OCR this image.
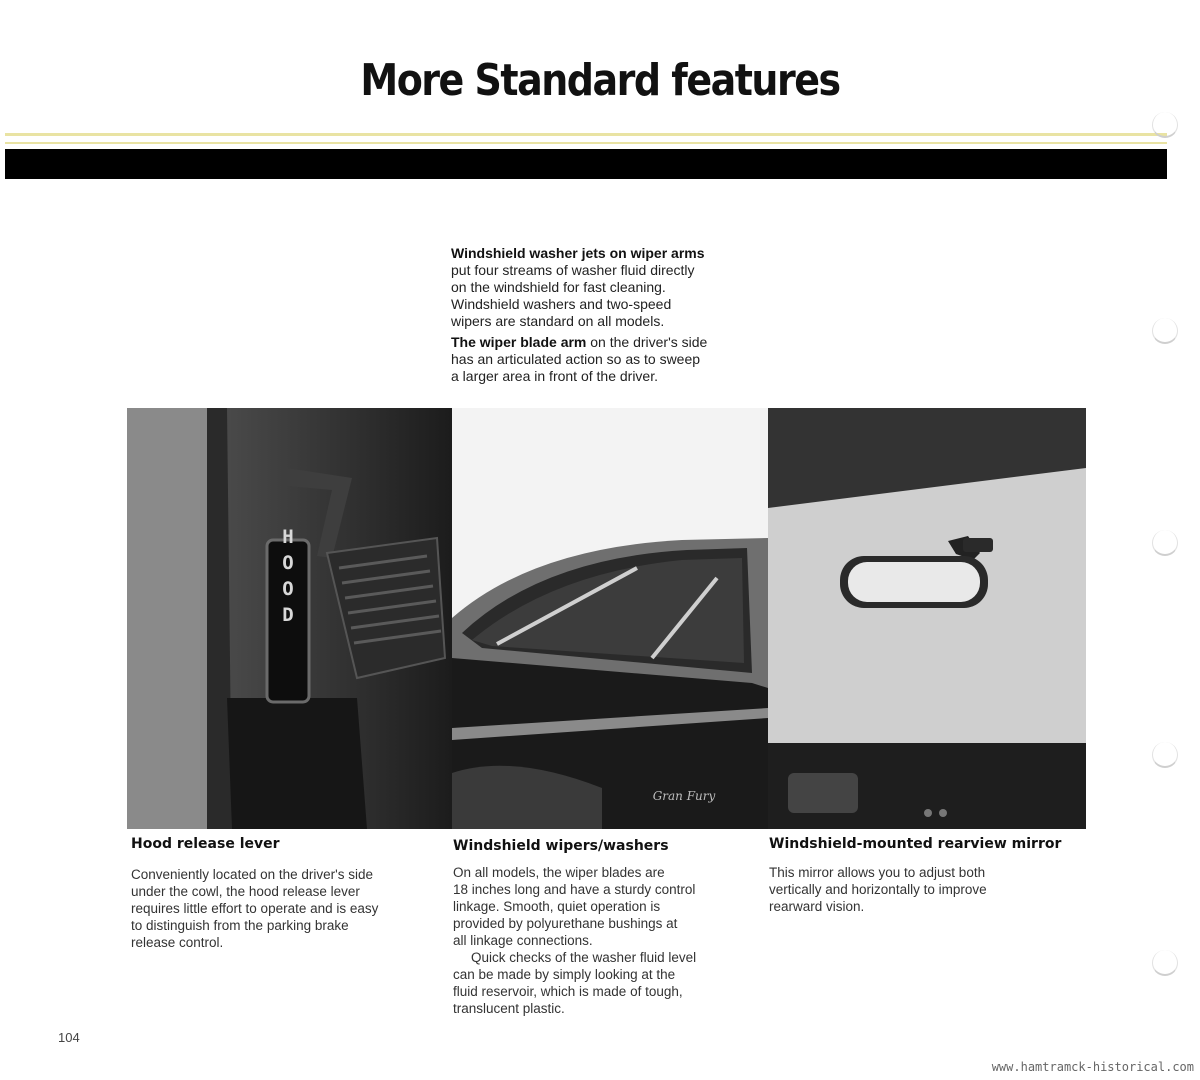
More Standard features

Windshield washer jets on wiper arms
put four streams of washer fluid directly
on the windshield for fast cleaning.
Windshield washers and two-speed
wipers are standard on all models.

The wiper blade arm on the driver's side
has an articulated action so as to sweep
a larger area in front of the driver.

HOOD
Gran Fury
Hood release lever

Conveniently located on the driver's side
under the cowl, the hood release lever
requires little effort to operate and is easy
to distinguish from the parking brake
release control.

Windshield wipers/washers

On all models, the wiper blades are
18 inches long and have a sturdy control
linkage. Smooth, quiet operation is
provided by polyurethane bushings at
all linkage connections.

Quick checks of the washer fluid level
can be made by simply looking at the
fluid reservoir, which is made of tough,
translucent plastic.

Windshield-mounted rearview mirror

This mirror allows you to adjust both
vertically and horizontally to improve
rearward vision.

104
www.hamtramck-historical.com
